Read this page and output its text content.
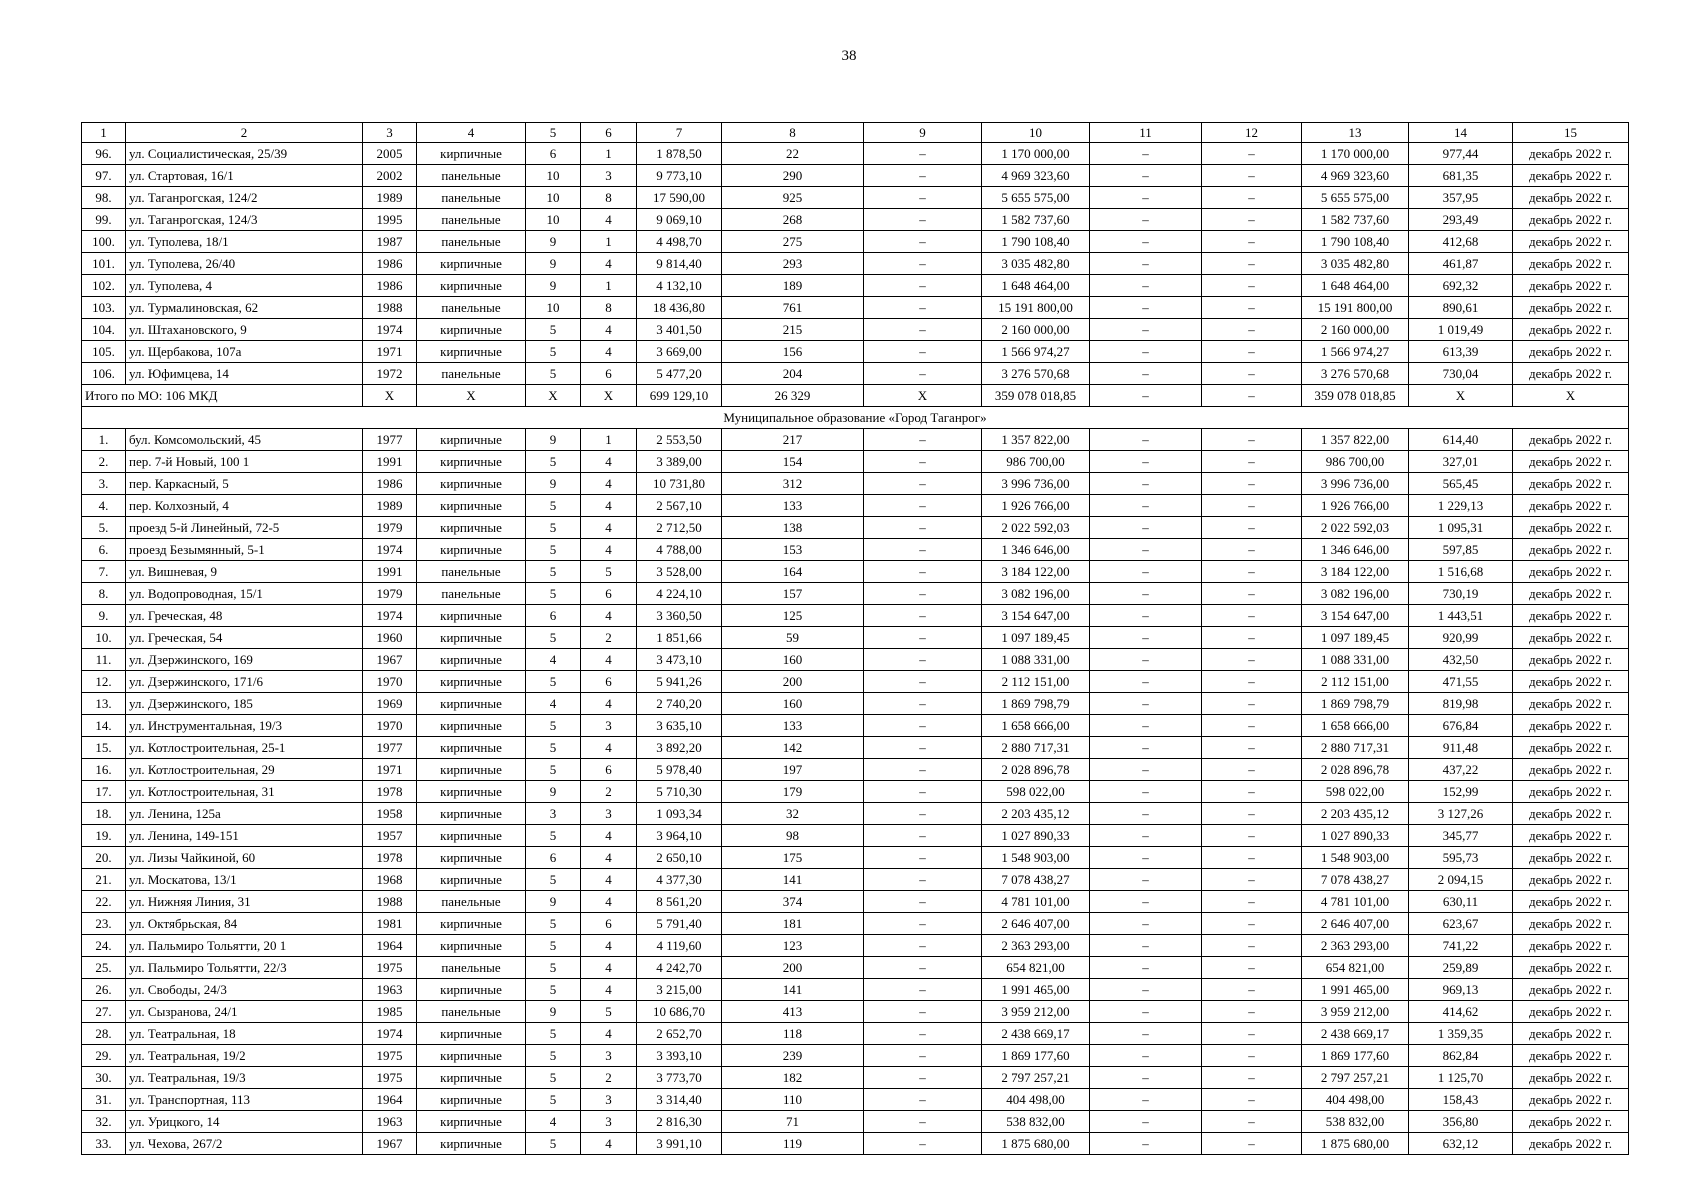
38
1	2	3	4	5	6	7	8	9	10	11	12	13	14	15
96.	ул. Социалистическая, 25/39	2005	кирпичные	6	1	1 878,50	22	–	1 170 000,00	–	–	1 170 000,00	977,44	декабрь 2022 г.
97.	ул. Стартовая, 16/1	2002	панельные	10	3	9 773,10	290	–	4 969 323,60	–	–	4 969 323,60	681,35	декабрь 2022 г.
98.	ул. Таганрогская, 124/2	1989	панельные	10	8	17 590,00	925	–	5 655 575,00	–	–	5 655 575,00	357,95	декабрь 2022 г.
99.	ул. Таганрогская, 124/3	1995	панельные	10	4	9 069,10	268	–	1 582 737,60	–	–	1 582 737,60	293,49	декабрь 2022 г.
100.	ул. Туполева, 18/1	1987	панельные	9	1	4 498,70	275	–	1 790 108,40	–	–	1 790 108,40	412,68	декабрь 2022 г.
101.	ул. Туполева, 26/40	1986	кирпичные	9	4	9 814,40	293	–	3 035 482,80	–	–	3 035 482,80	461,87	декабрь 2022 г.
102.	ул. Туполева, 4	1986	кирпичные	9	1	4 132,10	189	–	1 648 464,00	–	–	1 648 464,00	692,32	декабрь 2022 г.
103.	ул. Турмалиновская, 62	1988	панельные	10	8	18 436,80	761	–	15 191 800,00	–	–	15 191 800,00	890,61	декабрь 2022 г.
104.	ул. Штахановского, 9	1974	кирпичные	5	4	3 401,50	215	–	2 160 000,00	–	–	2 160 000,00	1 019,49	декабрь 2022 г.
105.	ул. Щербакова, 107а	1971	кирпичные	5	4	3 669,00	156	–	1 566 974,27	–	–	1 566 974,27	613,39	декабрь 2022 г.
106.	ул. Юфимцева, 14	1972	панельные	5	6	5 477,20	204	–	3 276 570,68	–	–	3 276 570,68	730,04	декабрь 2022 г.
Итого по МО: 106 МКД		X	X	X	X	699 129,10	26 329	X	359 078 018,85	–	–	359 078 018,85	X	X
Муниципальное образование «Город Таганрог»														
1.	бул. Комсомольский, 45	1977	кирпичные	9	1	2 553,50	217	–	1 357 822,00	–	–	1 357 822,00	614,40	декабрь 2022 г.
2.	пер. 7-й Новый, 100 1	1991	кирпичные	5	4	3 389,00	154	–	986 700,00	–	–	986 700,00	327,01	декабрь 2022 г.
3.	пер. Каркасный, 5	1986	кирпичные	9	4	10 731,80	312	–	3 996 736,00	–	–	3 996 736,00	565,45	декабрь 2022 г.
4.	пер. Колхозный, 4	1989	кирпичные	5	4	2 567,10	133	–	1 926 766,00	–	–	1 926 766,00	1 229,13	декабрь 2022 г.
5.	проезд 5-й Линейный, 72-5	1979	кирпичные	5	4	2 712,50	138	–	2 022 592,03	–	–	2 022 592,03	1 095,31	декабрь 2022 г.
6.	проезд Безымянный, 5-1	1974	кирпичные	5	4	4 788,00	153	–	1 346 646,00	–	–	1 346 646,00	597,85	декабрь 2022 г.
7.	ул. Вишневая, 9	1991	панельные	5	5	3 528,00	164	–	3 184 122,00	–	–	3 184 122,00	1 516,68	декабрь 2022 г.
8.	ул. Водопроводная, 15/1	1979	панельные	5	6	4 224,10	157	–	3 082 196,00	–	–	3 082 196,00	730,19	декабрь 2022 г.
9.	ул. Греческая, 48	1974	кирпичные	6	4	3 360,50	125	–	3 154 647,00	–	–	3 154 647,00	1 443,51	декабрь 2022 г.
10.	ул. Греческая, 54	1960	кирпичные	5	2	1 851,66	59	–	1 097 189,45	–	–	1 097 189,45	920,99	декабрь 2022 г.
11.	ул. Дзержинского, 169	1967	кирпичные	4	4	3 473,10	160	–	1 088 331,00	–	–	1 088 331,00	432,50	декабрь 2022 г.
12.	ул. Дзержинского, 171/6	1970	кирпичные	5	6	5 941,26	200	–	2 112 151,00	–	–	2 112 151,00	471,55	декабрь 2022 г.
13.	ул. Дзержинского, 185	1969	кирпичные	4	4	2 740,20	160	–	1 869 798,79	–	–	1 869 798,79	819,98	декабрь 2022 г.
14.	ул. Инструментальная, 19/3	1970	кирпичные	5	3	3 635,10	133	–	1 658 666,00	–	–	1 658 666,00	676,84	декабрь 2022 г.
15.	ул. Котлостроительная, 25-1	1977	кирпичные	5	4	3 892,20	142	–	2 880 717,31	–	–	2 880 717,31	911,48	декабрь 2022 г.
16.	ул. Котлостроительная, 29	1971	кирпичные	5	6	5 978,40	197	–	2 028 896,78	–	–	2 028 896,78	437,22	декабрь 2022 г.
17.	ул. Котлостроительная, 31	1978	кирпичные	9	2	5 710,30	179	–	598 022,00	–	–	598 022,00	152,99	декабрь 2022 г.
18.	ул. Ленина, 125а	1958	кирпичные	3	3	1 093,34	32	–	2 203 435,12	–	–	2 203 435,12	3 127,26	декабрь 2022 г.
19.	ул. Ленина, 149-151	1957	кирпичные	5	4	3 964,10	98	–	1 027 890,33	–	–	1 027 890,33	345,77	декабрь 2022 г.
20.	ул. Лизы Чайкиной, 60	1978	кирпичные	6	4	2 650,10	175	–	1 548 903,00	–	–	1 548 903,00	595,73	декабрь 2022 г.
21.	ул. Москатова, 13/1	1968	кирпичные	5	4	4 377,30	141	–	7 078 438,27	–	–	7 078 438,27	2 094,15	декабрь 2022 г.
22.	ул. Нижняя Линия, 31	1988	панельные	9	4	8 561,20	374	–	4 781 101,00	–	–	4 781 101,00	630,11	декабрь 2022 г.
23.	ул. Октябрьская, 84	1981	кирпичные	5	6	5 791,40	181	–	2 646 407,00	–	–	2 646 407,00	623,67	декабрь 2022 г.
24.	ул. Пальмиро Тольятти, 20 1	1964	кирпичные	5	4	4 119,60	123	–	2 363 293,00	–	–	2 363 293,00	741,22	декабрь 2022 г.
25.	ул. Пальмиро Тольятти, 22/3	1975	панельные	5	4	4 242,70	200	–	654 821,00	–	–	654 821,00	259,89	декабрь 2022 г.
26.	ул. Свободы, 24/3	1963	кирпичные	5	4	3 215,00	141	–	1 991 465,00	–	–	1 991 465,00	969,13	декабрь 2022 г.
27.	ул. Сызранова, 24/1	1985	панельные	9	5	10 686,70	413	–	3 959 212,00	–	–	3 959 212,00	414,62	декабрь 2022 г.
28.	ул. Театральная, 18	1974	кирпичные	5	4	2 652,70	118	–	2 438 669,17	–	–	2 438 669,17	1 359,35	декабрь 2022 г.
29.	ул. Театральная, 19/2	1975	кирпичные	5	3	3 393,10	239	–	1 869 177,60	–	–	1 869 177,60	862,84	декабрь 2022 г.
30.	ул. Театральная, 19/3	1975	кирпичные	5	2	3 773,70	182	–	2 797 257,21	–	–	2 797 257,21	1 125,70	декабрь 2022 г.
31.	ул. Транспортная, 113	1964	кирпичные	5	3	3 314,40	110	–	404 498,00	–	–	404 498,00	158,43	декабрь 2022 г.
32.	ул. Урицкого, 14	1963	кирпичные	4	3	2 816,30	71	–	538 832,00	–	–	538 832,00	356,80	декабрь 2022 г.
33.	ул. Чехова, 267/2	1967	кирпичные	5	4	3 991,10	119	–	1 875 680,00	–	–	1 875 680,00	632,12	декабрь 2022 г.
